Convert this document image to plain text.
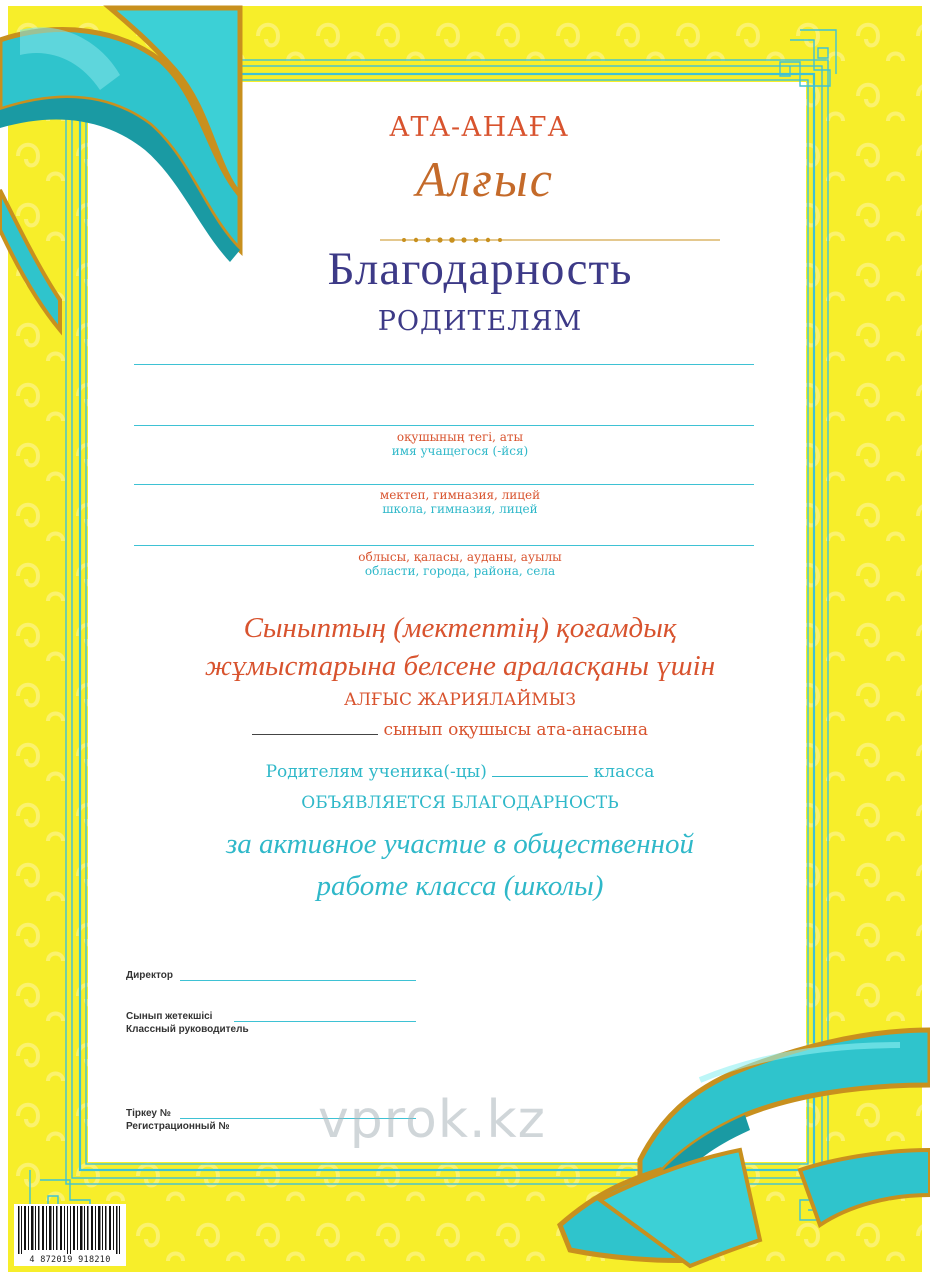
АТА-АНАҒА
Алғыс
Благодарность
РОДИТЕЛЯМ
оқушының тегі, аты
имя учащегося (-йся)
мектеп, гимназия, лицей
школа, гимназия, лицей
облысы, қаласы, ауданы, ауылы
области, города, района, села
Сыныптың (мектептің) қоғамдық
жұмыстарына белсене араласқаны үшін
АЛҒЫС ЖАРИЯЛАЙМЫЗ
сынып оқушысы ата-анасына
Родителям ученика(-цы)	класса
ОБЪЯВЛЯЕТСЯ БЛАГОДАРНОСТЬ
за активное участие в общественной
работе класса (школы)
Директор
Сынып жетекшісі
Классный руководитель
Тіркеу №
Регистрационный № vprok.kz
4 872019 918210
